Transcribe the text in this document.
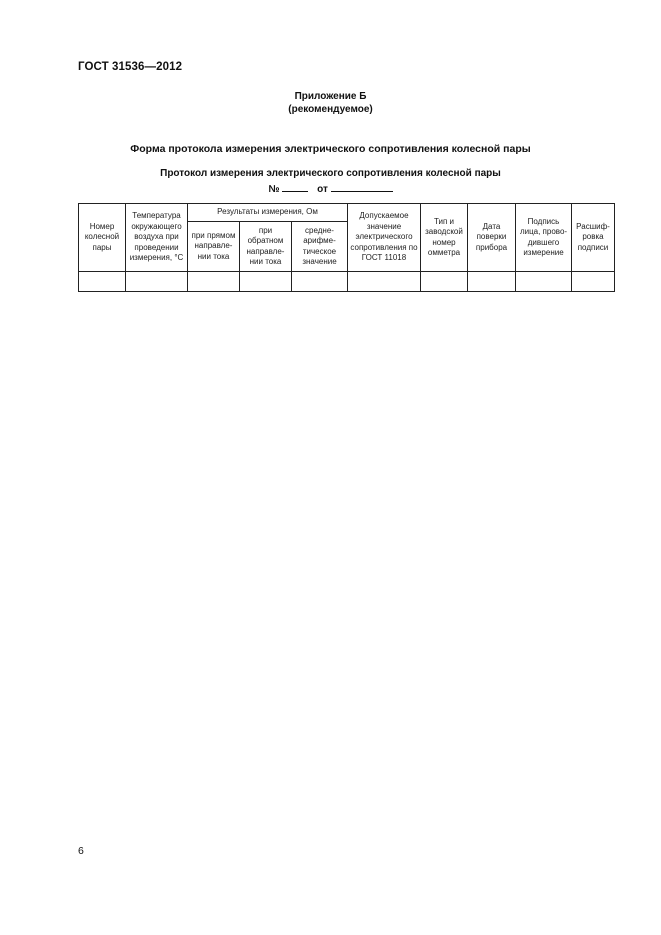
ГОСТ 31536—2012
Приложение Б
(рекомендуемое)
Форма протокола измерения электрического сопротивления колесной пары
Протокол измерения электрического сопротивления колесной пары
№	от
Номер колесной пары	Температура окружающего воздуха при проведении измерения, °С	Результаты измерения, Ом			Допускаемое значение электрического сопротивления по ГОСТ 11018	Тип и заводской номер омметра	Дата поверки прибора	Подпись лица, прово-дившего измерение	Расшиф-ровка подписи
		при прямом направле-нии тока	при обратном направле-нии тока	средне-арифме-тическое значение					

6
